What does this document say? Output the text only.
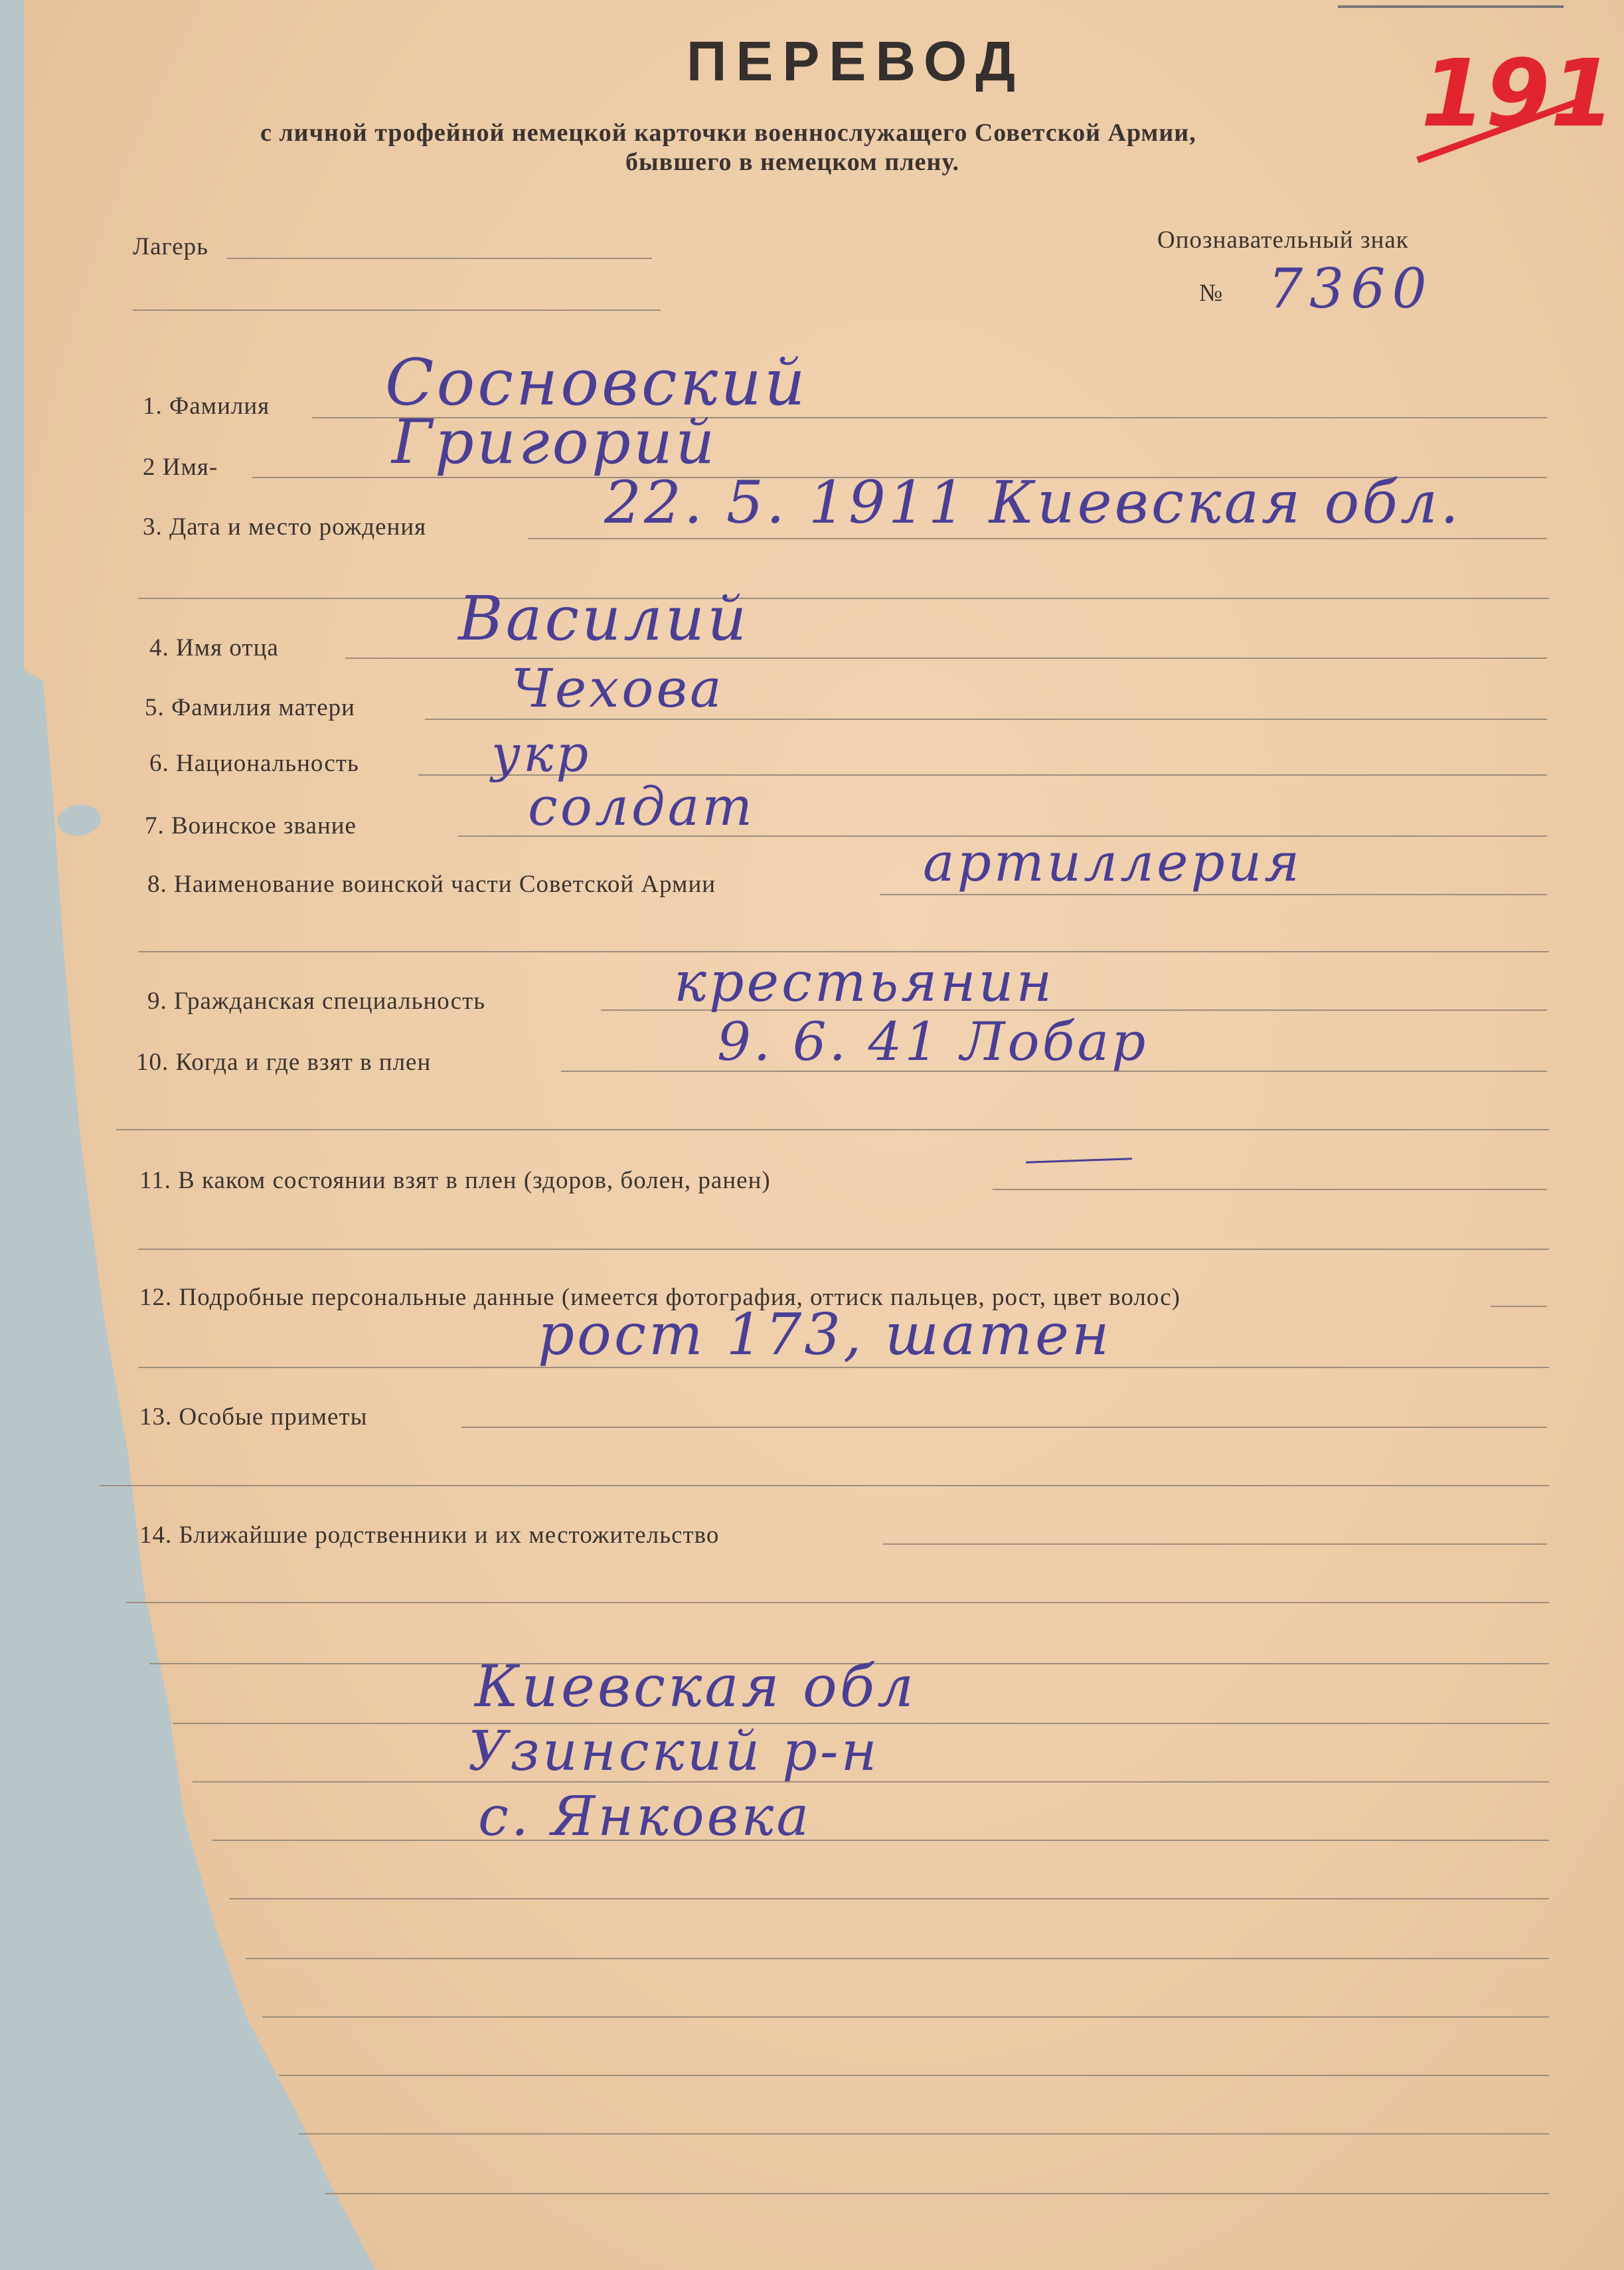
ПЕРЕВОД
с личной трофейной немецкой карточки военнослужащего Советской Армии,
бывшего в немецком плену.
191
Лагерь	Опознавательный знак
№ 7360
1. Фамилия Сосновский
2 Имя-	Григорий
3. Дата и место рождения	22. 5. 1911 Киевская обл.
4. Имя отца	Василий
5. Фамилия матери	Чехова
6. Национальность	укр
7. Воинское звание	солдат
8. Наименование воинской части Советской Армии	артиллерия
9. Гражданская специальность	крестьянин
10. Когда и где взят в плен	9. 6. 41 Лобар
11. В каком состоянии взят в плен (здоров, болен, ранен)
12. Подробные персональные данные (имеется фотография, оттиск пальцев, рост, цвет волос)
рост 173, шатен
13. Особые приметы
14. Ближайшие родственники и их местожительство
Киевская обл
Узинский р-н
с. Янковка
